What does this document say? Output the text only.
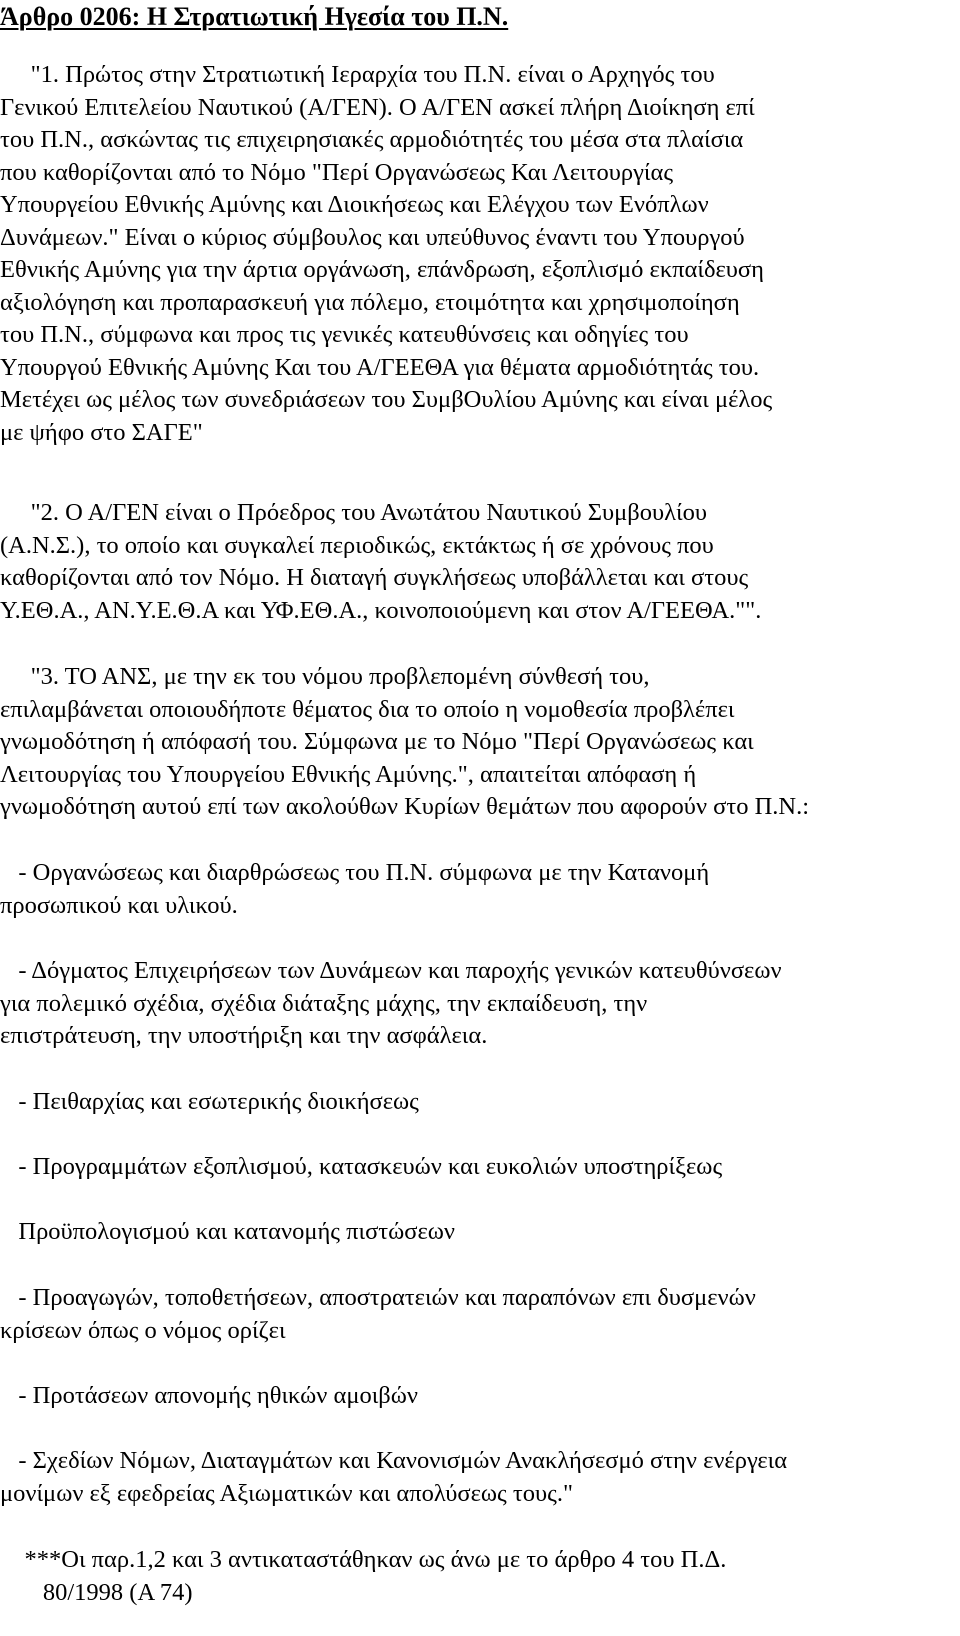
Άρθρο 0206: Η Στρατιωτική Ηγεσία του Π.Ν.
"1. Πρώτος στην Στρατιωτική Ιεραρχία του Π.Ν. είναι ο Αρχηγός του
Γενικού Επιτελείου Ναυτικού (Α/ΓΕΝ). Ο Α/ΓΕΝ ασκεί πλήρη Διοίκηση επί
του Π.Ν., ασκώντας τις επιχειρησιακές αρμοδιότητές του μέσα στα πλαίσια
που καθορίζονται από το Νόμο "Περί Οργανώσεως Και Λειτουργίας
Υπουργείου Εθνικής Αμύνης και Διοικήσεως και Ελέγχου των Ενόπλων
Δυνάμεων." Είναι ο κύριος σύμβουλος και υπεύθυνος έναντι του Υπουργού
Εθνικής Αμύνης για την άρτια οργάνωση, επάνδρωση, εξοπλισμό εκπαίδευση
αξιολόγηση και προπαρασκευή για πόλεμο, ετοιμότητα και χρησιμοποίηση
του Π.Ν., σύμφωνα και προς τις γενικές κατευθύνσεις και οδηγίες του
Υπουργού Εθνικής Αμύνης Και του Α/ΓΕΕΘΑ για θέματα αρμοδιότητάς του.
Μετέχει ως μέλος των συνεδριάσεων του ΣυμβΟυλίου Αμύνης και είναι μέλος
με ψήφο στο ΣΑΓΕ"
"2. Ο Α/ΓΕΝ είναι ο Πρόεδρος του Ανωτάτου Ναυτικού Συμβουλίου
(Α.Ν.Σ.), το οποίο και συγκαλεί περιοδικώς, εκτάκτως ή σε χρόνους που
καθορίζονται από τον Νόμο. Η διαταγή συγκλήσεως υποβάλλεται και στους
Υ.ΕΘ.Α., ΑΝ.Υ.Ε.Θ.Α και ΥΦ.ΕΘ.Α., κοινοποιούμενη και στον Α/ΓΕΕΘΑ."".
"3. ΤΟ ΑΝΣ, με την εκ του νόμου προβλεπομένη σύνθεσή του,
επιλαμβάνεται οποιουδήποτε θέματος δια το οποίο η νομοθεσία προβλέπει
γνωμοδότηση ή απόφασή του. Σύμφωνα με το Νόμο "Περί Οργανώσεως και
Λειτουργίας του Υπουργείου Εθνικής Αμύνης.", απαιτείται απόφαση ή
γνωμοδότηση αυτού επί των ακολούθων Κυρίων θεμάτων που αφορούν στο Π.Ν.:
- Οργανώσεως και διαρθρώσεως του Π.Ν. σύμφωνα με την Κατανομή
προσωπικού και υλικού.
- Δόγματος Επιχειρήσεων των Δυνάμεων και παροχής γενικών κατευθύνσεων
για πολεμικό σχέδια, σχέδια διάταξης μάχης, την εκπαίδευση, την
επιστράτευση, την υποστήριξη και την ασφάλεια.
- Πειθαρχίας και εσωτερικής διοικήσεως
- Προγραμμάτων εξοπλισμού, κατασκευών και ευκολιών υποστηρίξεως
Προϋπολογισμού και κατανομής πιστώσεων
- Προαγωγών, τοποθετήσεων, αποστρατειών και παραπόνων επι δυσμενών
κρίσεων όπως ο νόμος ορίζει
- Προτάσεων απονομής ηθικών αμοιβών
- Σχεδίων Νόμων, Διαταγμάτων και Κανονισμών Ανακλήσεσμό στην ενέργεια
μονίμων εξ εφεδρείας Αξιωματικών και απολύσεως τους."
***Οι παρ.1,2 και 3 αντικαταστάθηκαν ως άνω με το άρθρο 4 του Π.Δ.
80/1998 (Α 74)
